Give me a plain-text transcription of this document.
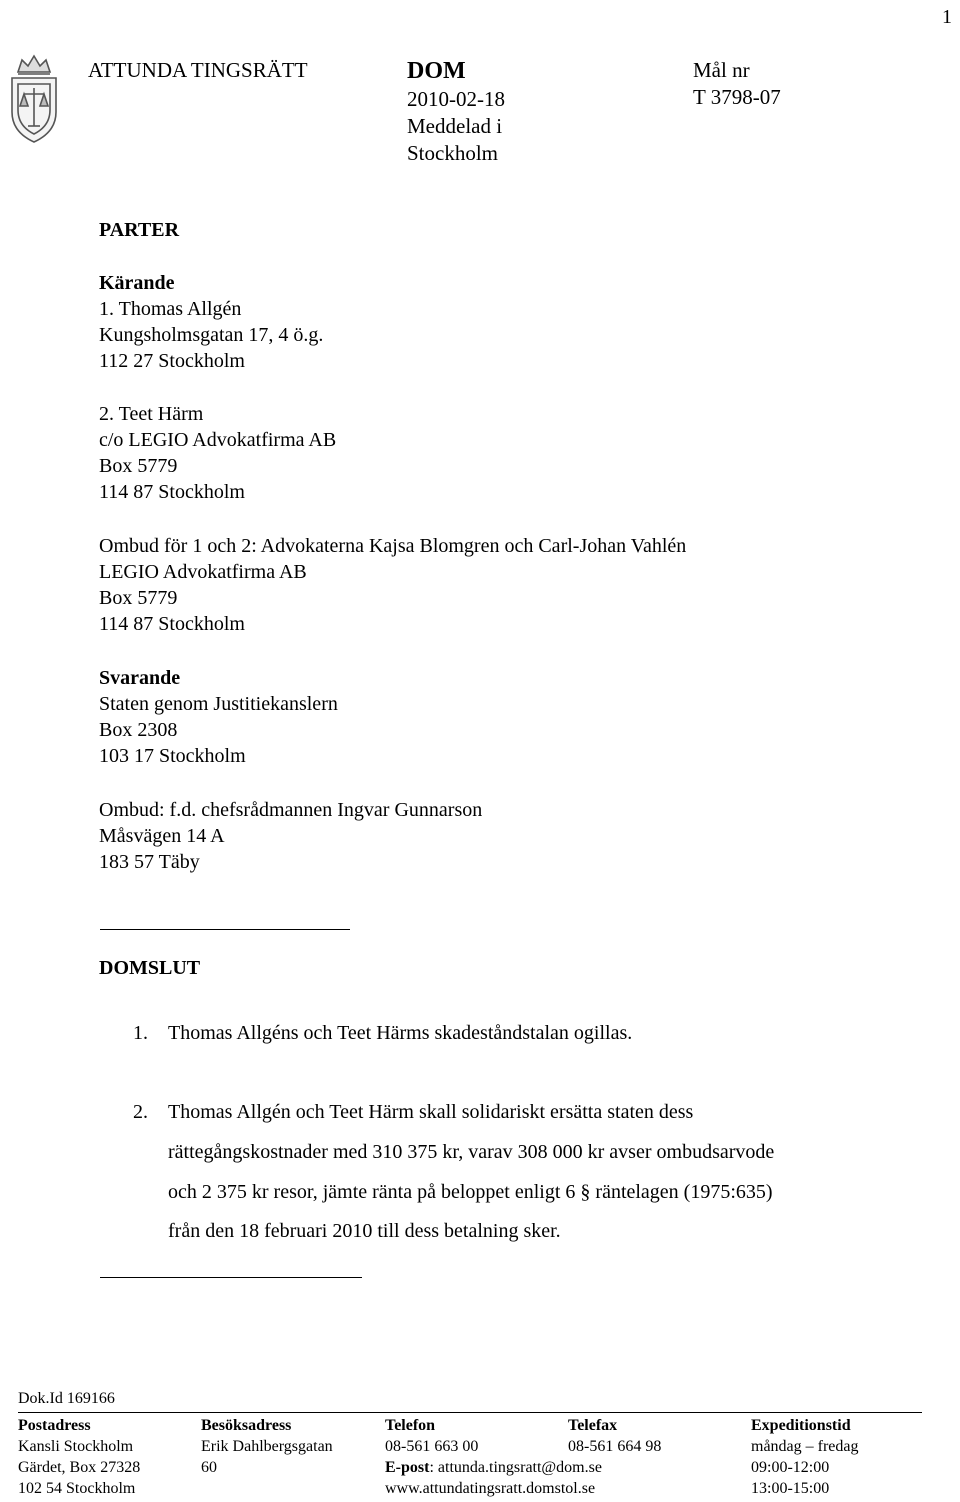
1
ATTUNDA TINGSRÄTT	DOM
2010-02-18
Meddelad i
Stockholm
Mål nr
T 3798-07
PARTER
Kärande
1. Thomas Allgén
Kungsholmsgatan 17, 4 ö.g.
112 27 Stockholm
2. Teet Härm
c/o LEGIO Advokatfirma AB
Box 5779
114 87 Stockholm
Ombud för 1 och 2: Advokaterna Kajsa Blomgren och Carl-Johan Vahlén
LEGIO Advokatfirma AB
Box 5779
114 87 Stockholm
Svarande
Staten genom Justitiekanslern
Box 2308
103 17 Stockholm
Ombud: f.d. chefsrådmannen Ingvar Gunnarson
Måsvägen 14 A
183 57 Täby
DOMSLUT
1. Thomas Allgéns och Teet Härms skadeståndstalan ogillas.
2. Thomas Allgén och Teet Härm skall solidariskt ersätta staten dess
rättegångskostnader med 310 375 kr, varav 308 000 kr avser ombudsarvode
och 2 375 kr resor, jämte ränta på beloppet enligt 6 § räntelagen (1975:635)
från den 18 februari 2010 till dess betalning sker.
Dok.Id 169166
Postadress
Kansli Stockholm
Gärdet, Box 27328
102 54 Stockholm
Besöksadress
Erik Dahlbergsgatan
60
Telefon
08-561 663 00
E-post: attunda.tingsratt@dom.se
www.attundatingsratt.domstol.se
Telefax
08-561 664 98
Expeditionstid
måndag – fredag
09:00-12:00
13:00-15:00
